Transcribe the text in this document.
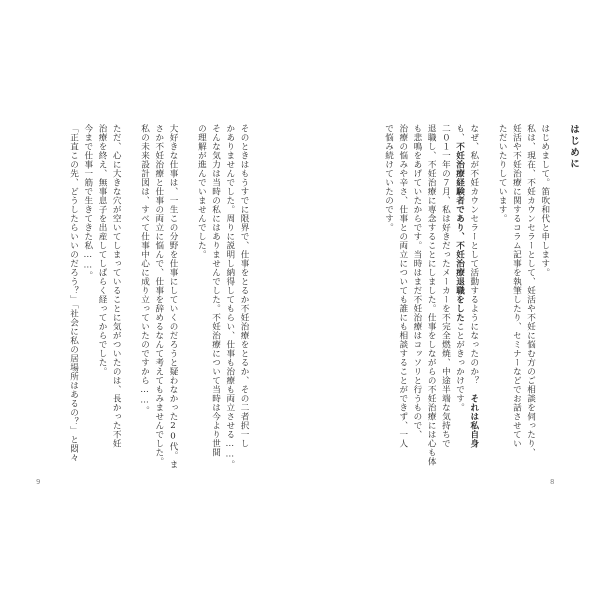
そのときはもうすでに限界で、仕事をとるか不妊治療をとるか、その二者択一し
かありませんでした。周りに説明し納得してもらい、仕事も治療も両立させる……。
そんな気力は当時の私にはありませんでした。不妊治療について当時は今より世間
の理解が進んでいませんでした。
大好きな仕事は、一生この分野を仕事にしていくのだろうと疑わなかった20代。ま
さか不妊治療と仕事の両立に悩んで、仕事を辞めるなんて考えてもみませんでした。
私の未来設計図は、すべて仕事中心に成り立っていたのですから……。
ただ、心に大きな穴が空いてしまっていることに気がついたのは、長かった不妊
治療を終え、無事息子を出産してしばらく経ってからでした。
今まで仕事一筋で生きてきた私……。
「正直この先、どうしたらいいのだろう？」「社会に私の居場所はあるの？」と悶々
9
はじめに
はじめまして。笛吹和代と申します。
私は、現在、不妊カウンセラーとして、妊活や不妊に悩む方のご相談を伺ったり、
妊活や不妊治療に関するコラム記事を執筆したり、セミナーなどでお話させてい
ただいたりしています。
なぜ、私が不妊カウンセラーとして活動するようになったのか？　それは私自身
も、不妊治療経験者であり、不妊治療退職をしたことがきっかけです。
二０１一年の７月、私は好きだったメーカーを不完全燃焼、中途半端な気持ちで
退職し、不妊治療に専念することにしました。仕事をしながらの不妊治療には心も体
も悲鳴をあげていたからです。当時はまだ不妊治療はコッソリと行うもので、
治療の悩みや辛さ、仕事との両立についても誰にも相談することができず、一人
で悩み続けていたのです。
8
